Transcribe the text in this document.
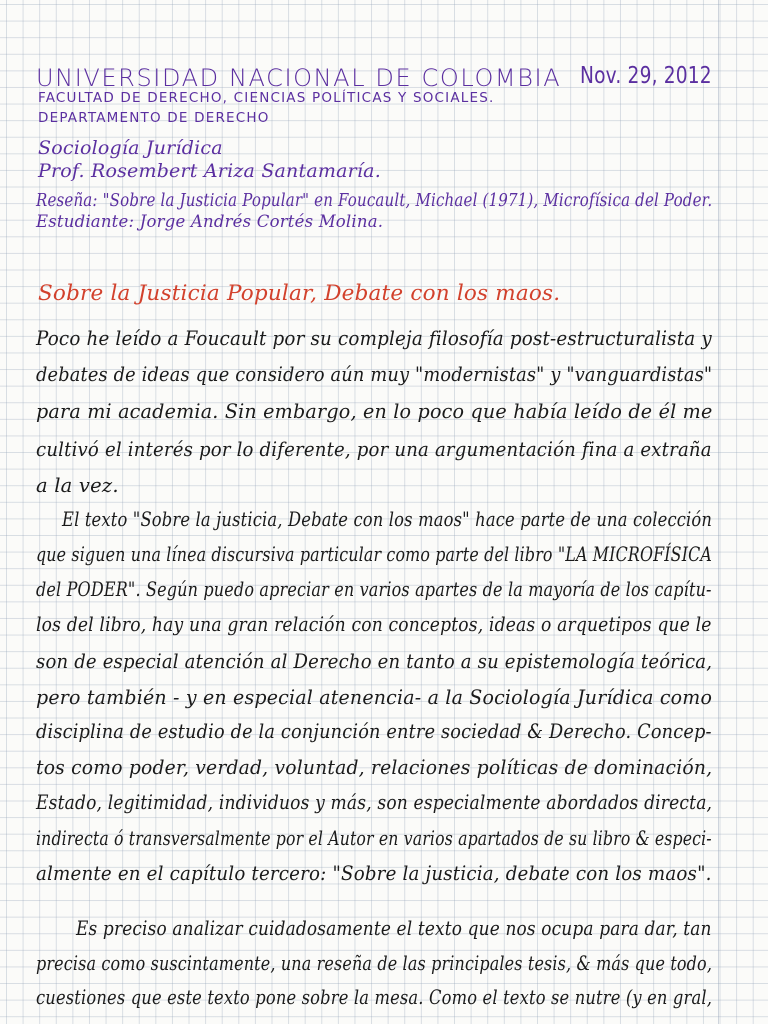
UNIVERSIDAD NACIONAL DE COLOMBIA Nov. 29, 2012
FACULTAD DE DERECHO, CIENCIAS POLÍTICAS Y SOCIALES.
DEPARTAMENTO DE DERECHO
Sociología Jurídica
Prof. Rosembert Ariza Santamaría.
Reseña: "Sobre la Justicia Popular" en Foucault, Michael (1971), Microfísica del Poder.
Estudiante: Jorge Andrés Cortés Molina.
Sobre la Justicia Popular, Debate con los maos.
Poco he leído a Foucault por su compleja filosofía post-estructuralista y
debates de ideas que considero aún muy "modernistas" y "vanguardistas"
para mi academia. Sin embargo, en lo poco que había leído de él me
cultivó el interés por lo diferente, por una argumentación fina a extraña
a la vez.
El texto "Sobre la justicia, Debate con los maos" hace parte de una colección
que siguen una línea discursiva particular como parte del libro "LA MICROFÍSICA
del PODER". Según puedo apreciar en varios apartes de la mayoría de los capítu-
los del libro, hay una gran relación con conceptos, ideas o arquetipos que le
son de especial atención al Derecho en tanto a su epistemología teórica,
pero también - y en especial atenencia- a la Sociología Jurídica como
disciplina de estudio de la conjunción entre sociedad & Derecho. Concep-
tos como poder, verdad, voluntad, relaciones políticas de dominación,
Estado, legitimidad, individuos y más, son especialmente abordados directa,
indirecta ó transversalmente por el Autor en varios apartados de su libro & especi-
almente en el capítulo tercero: "Sobre la justicia, debate con los maos".
Es preciso analizar cuidadosamente el texto que nos ocupa para dar, tan
precisa como suscintamente, una reseña de las principales tesis, & más que todo,
cuestiones que este texto pone sobre la mesa. Como el texto se nutre (y en gral,
